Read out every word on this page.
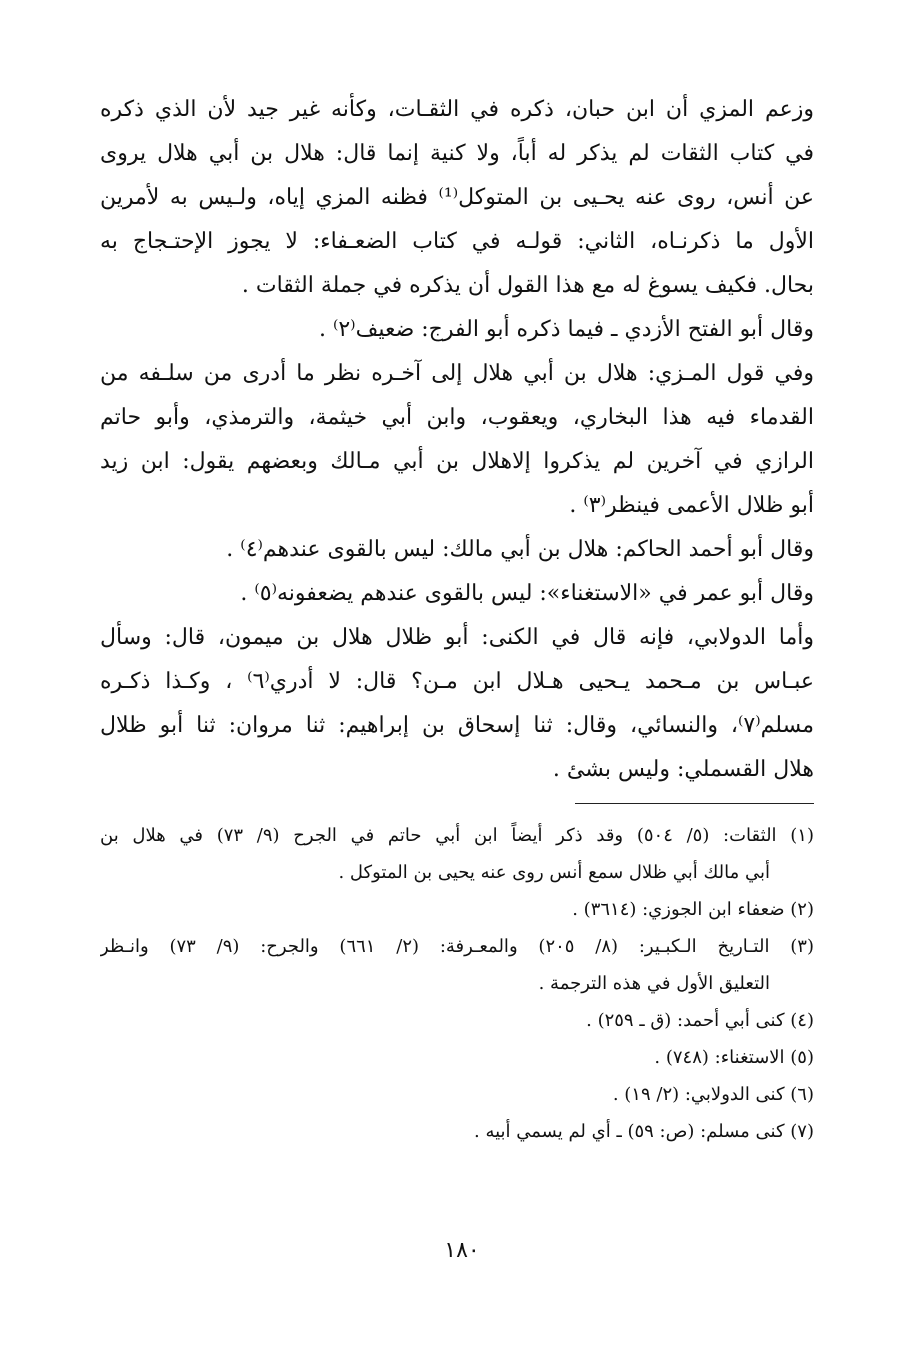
وزعم المزي أن ابن حبان، ذكره في الثقـات، وكأنه غير جيد لأن الذي ذكره
في كتاب الثقات لم يذكر له أباً، ولا كنية إنما قال: هلال بن أبي هلال يروى
عن أنس، روى عنه يحـيى بن المتوكل⁽¹⁾ فظنه المزي إياه، ولـيس به لأمرين
الأول ما ذكرنـاه، الثاني: قولـه في كتاب الضعـفاء: لا يجوز الإحتـجاج به
بحال. فكيف يسوغ له مع هذا القول أن يذكره في جملة الثقات .
وقال أبو الفتح الأزدي ـ فيما ذكره أبو الفرج: ضعيف⁽٢⁾ .
وفي قول المـزي: هلال بن أبي هلال إلى آخـره نظر ما أدرى من سلـفه من
القدماء فيه هذا البخاري، ويعقوب، وابن أبي خيثمة، والترمذي، وأبو حاتم
الرازي في آخرين لم يذكروا إلاهلال بن أبي مـالك وبعضهم يقول: ابن زيد
أبو ظلال الأعمى فينظر⁽٣⁾ .
وقال أبو أحمد الحاكم: هلال بن أبي مالك: ليس بالقوى عندهم⁽٤⁾ .
وقال أبو عمر في «الاستغناء»: ليس بالقوى عندهم يضعفونه⁽٥⁾ .
وأما الدولابي، فإنه قال في الكنى: أبو ظلال هلال بن ميمون، قال: وسأل
عبـاس بن مـحمد يـحيى هـلال ابن مـن؟ قال: لا أدري⁽٦⁾ ، وكـذا ذكـره
مسلم⁽٧⁾، والنسائي، وقال: ثنا إسحاق بن إبراهيم: ثنا مروان: ثنا أبو ظلال
هلال القسملي: وليس بشئ .
(١) الثقات: (٥/ ٥٠٤) وقد ذكر أيضاً ابن أبي حاتم في الجرح (٩/ ٧٣) في هلال بن
أبي مالك أبي ظلال سمع أنس روى عنه يحيى بن المتوكل .
(٢) ضعفاء ابن الجوزي: (٣٦١٤) .
(٣) التـاريخ الـكبـير: (٨/ ٢٠٥) والمعـرفة: (٢/ ٦٦١) والجرح: (٩/ ٧٣) وانـظر
التعليق الأول في هذه الترجمة .
(٤) كنى أبي أحمد: (ق ـ ٢٥٩) .
(٥) الاستغناء: (٧٤٨) .
(٦) كنى الدولابي: (٢/ ١٩) .
(٧) كنى مسلم: (ص: ٥٩) ـ أي لم يسمي أبيه .
١٨٠
